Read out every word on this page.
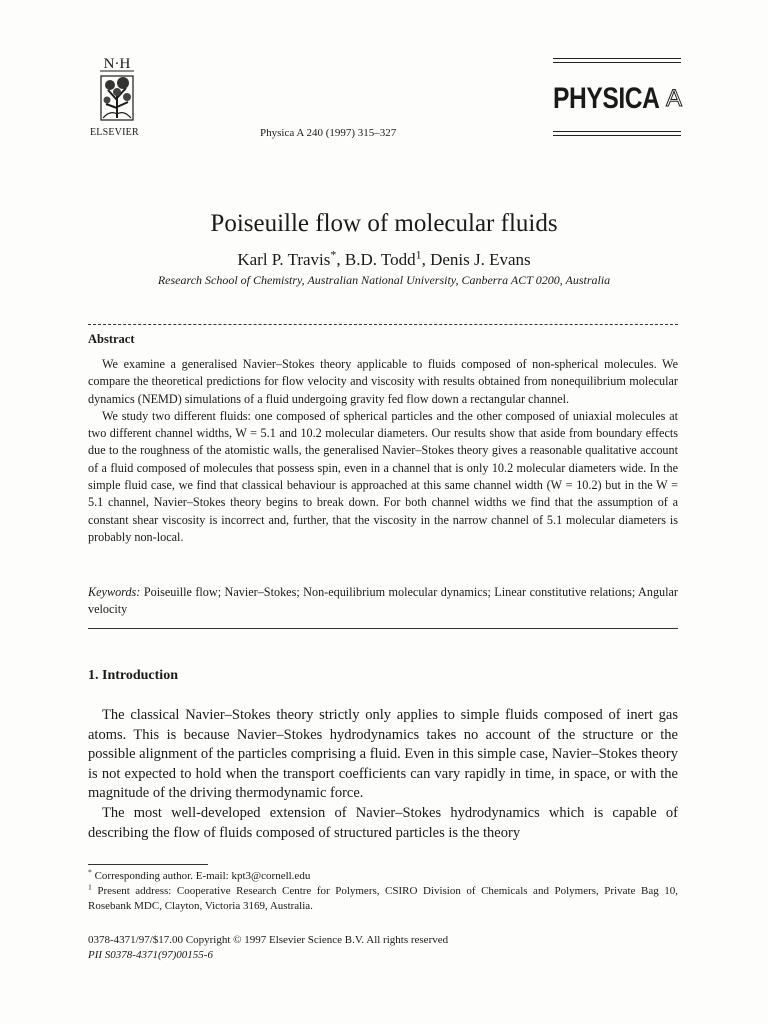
N·H
ELSEVIER	Physica A 240 (1997) 315–327
PHYSICA A
Poiseuille flow of molecular fluids
Karl P. Travis*, B.D. Todd$^1$, Denis J. Evans
Research School of Chemistry, Australian National University, Canberra ACT 0200, Australia
Abstract

We examine a generalised Navier–Stokes theory applicable to fluids composed of non-spherical molecules. We compare the theoretical predictions for flow velocity and viscosity with results obtained from nonequilibrium molecular dynamics (NEMD) simulations of a fluid undergoing gravity fed flow down a rectangular channel.

We study two different fluids: one composed of spherical particles and the other composed of uniaxial molecules at two different channel widths, W = 5.1 and 10.2 molecular diameters. Our results show that aside from boundary effects due to the roughness of the atomistic walls, the generalised Navier–Stokes theory gives a reasonable qualitative account of a fluid composed of molecules that possess spin, even in a channel that is only 10.2 molecular diameters wide. In the simple fluid case, we find that classical behaviour is approached at this same channel width (W = 10.2) but in the W = 5.1 channel, Navier–Stokes theory begins to break down. For both channel widths we find that the assumption of a constant shear viscosity is incorrect and, further, that the viscosity in the narrow channel of 5.1 molecular diameters is probably non-local.

Keywords: Poiseuille flow; Navier–Stokes; Non-equilibrium molecular dynamics; Linear constitutive relations; Angular velocity
1. Introduction

The classical Navier–Stokes theory strictly only applies to simple fluids composed of inert gas atoms. This is because Navier–Stokes hydrodynamics takes no account of the structure or the possible alignment of the particles comprising a fluid. Even in this simple case, Navier–Stokes theory is not expected to hold when the transport coefficients can vary rapidly in time, in space, or with the magnitude of the driving thermodynamic force.

The most well-developed extension of Navier–Stokes hydrodynamics which is capable of describing the flow of fluids composed of structured particles is the theory

* Corresponding author. E-mail: kpt3@cornell.edu

$^1$ Present address: Cooperative Research Centre for Polymers, CSIRO Division of Chemicals and Polymers, Private Bag 10, Rosebank MDC, Clayton, Victoria 3169, Australia.

0378-4371/97/$17.00 Copyright © 1997 Elsevier Science B.V. All rights reserved
PII S0378-4371(97)00155-6
